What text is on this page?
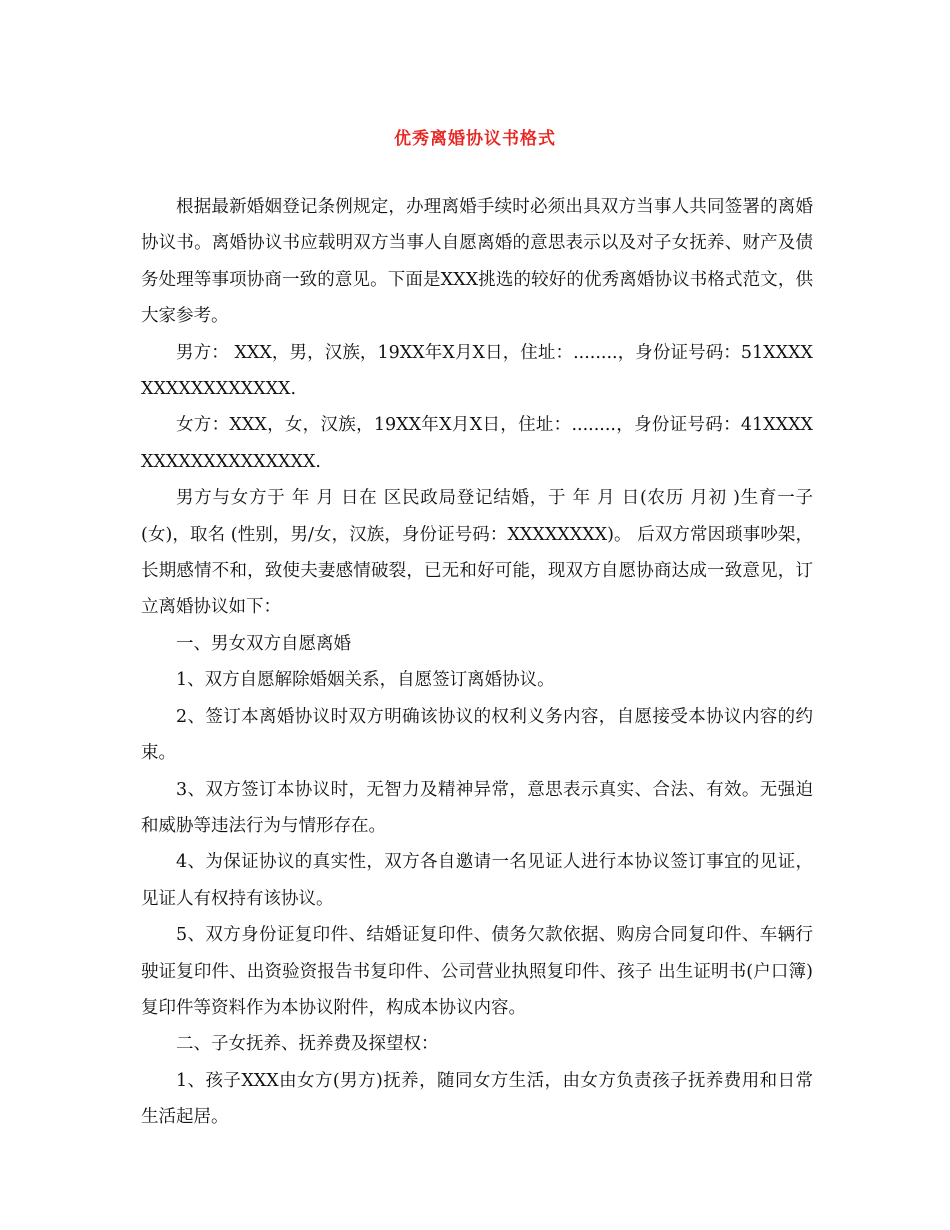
优秀离婚协议书格式

根据最新婚姻登记条例规定，办理离婚手续时必须出具双方当事人共同签署的离婚协议书。离婚协议书应载明双方当事人自愿离婚的意思表示以及对子女抚养、财产及债务处理等事项协商一致的意见。下面是XXX挑选的较好的优秀离婚协议书格式范文，供大家参考。

男方： XXX，男，汉族，19XX年X月X日，住址：........，身份证号码：51XXXXXXXXXXXXXXXX.

女方：XXX，女，汉族，19XX年X月X日，住址：........，身份证号码：41XXXXXXXXXXXXXXXXXX.

男方与女方于 年 月 日在 区民政局登记结婚，于 年 月 日(农历 月初 )生育一子(女)，取名 (性别，男/女，汉族，身份证号码：XXXXXXXX)。 后双方常因琐事吵架，长期感情不和，致使夫妻感情破裂，已无和好可能，现双方自愿协商达成一致意见，订立离婚协议如下：

一、男女双方自愿离婚

1、双方自愿解除婚姻关系，自愿签订离婚协议。

2、签订本离婚协议时双方明确该协议的权利义务内容，自愿接受本协议内容的约束。

3、双方签订本协议时，无智力及精神异常，意思表示真实、合法、有效。无强迫和威胁等违法行为与情形存在。

4、为保证协议的真实性，双方各自邀请一名见证人进行本协议签订事宜的见证，见证人有权持有该协议。

5、双方身份证复印件、结婚证复印件、债务欠款依据、购房合同复印件、车辆行驶证复印件、出资验资报告书复印件、公司营业执照复印件、孩子 出生证明书(户口簿)复印件等资料作为本协议附件，构成本协议内容。

二、子女抚养、抚养费及探望权：

1、孩子XXX由女方(男方)抚养，随同女方生活，由女方负责孩子抚养费用和日常生活起居。
